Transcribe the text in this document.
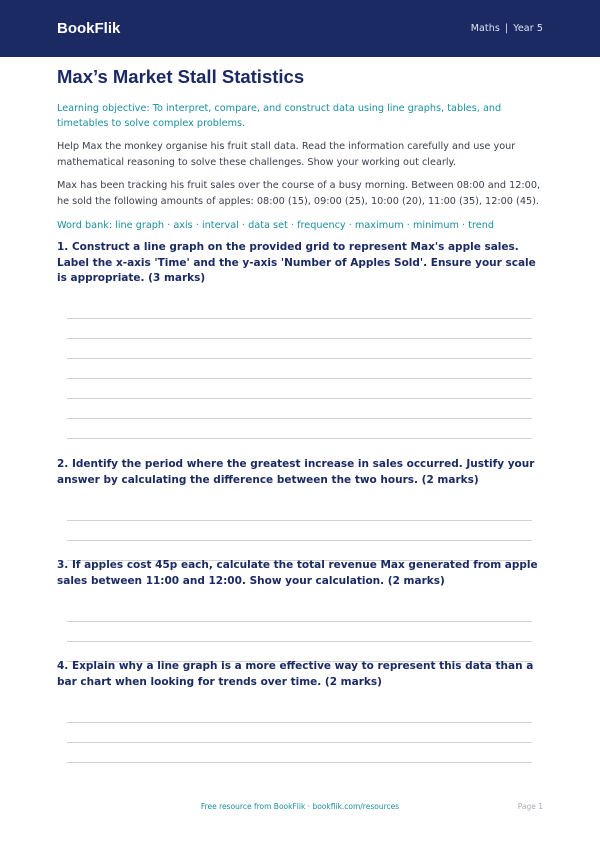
BookFlik	Maths | Year 5
Max’s Market Stall Statistics

Learning objective: To interpret, compare, and construct data using line graphs, tables, and timetables to solve complex problems.

Help Max the monkey organise his fruit stall data. Read the information carefully and use your mathematical reasoning to solve these challenges. Show your working out clearly.

Max has been tracking his fruit sales over the course of a busy morning. Between 08:00 and 12:00, he sold the following amounts of apples: 08:00 (15), 09:00 (25), 10:00 (20), 11:00 (35), 12:00 (45).

Word bank: line graph · axis · interval · data set · frequency · maximum · minimum · trend

1. Construct a line graph on the provided grid to represent Max's apple sales. Label the x-axis 'Time' and the y-axis 'Number of Apples Sold'. Ensure your scale is appropriate. (3 marks)
2. Identify the period where the greatest increase in sales occurred. Justify your answer by calculating the difference between the two hours. (2 marks)
3. If apples cost 45p each, calculate the total revenue Max generated from apple sales between 11:00 and 12:00. Show your calculation. (2 marks)
4. Explain why a line graph is a more effective way to represent this data than a bar chart when looking for trends over time. (2 marks)
Free resource from BookFlik · bookflik.com/resources	Page 1
